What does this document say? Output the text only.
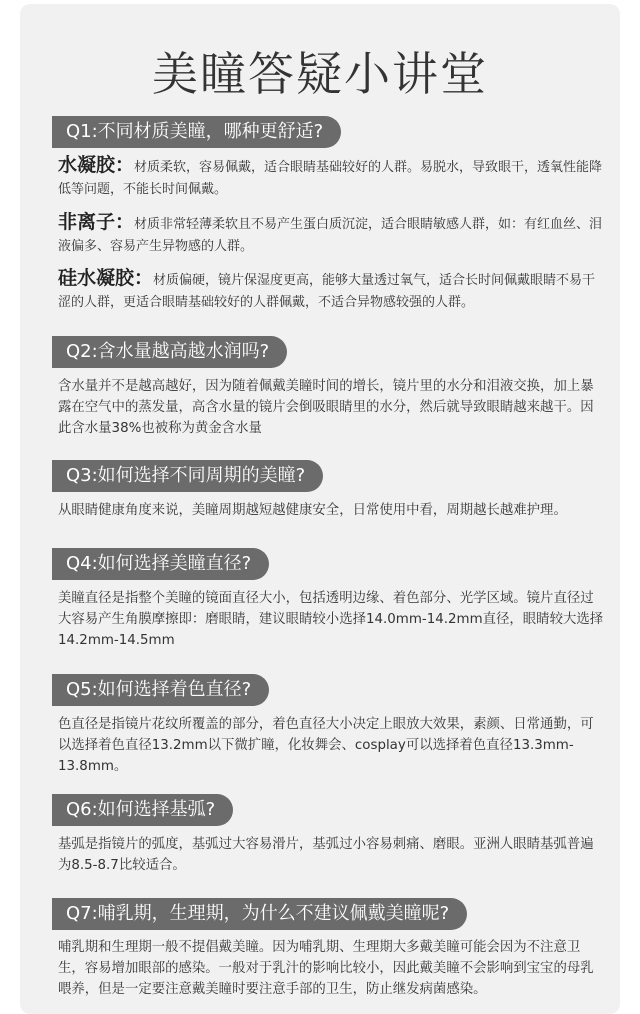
美瞳答疑小讲堂
Q1:不同材质美瞳，哪种更舒适?
水凝胶：材质柔软，容易佩戴，适合眼睛基础较好的人群。易脱水，导致眼干，透氧性能降低等问题，不能长时间佩戴。
非离子：材质非常轻薄柔软且不易产生蛋白质沉淀，适合眼睛敏感人群，如：有红血丝、泪液偏多、容易产生异物感的人群。
硅水凝胶：材质偏硬，镜片保湿度更高，能够大量透过氧气，适合长时间佩戴眼睛不易干涩的人群，更适合眼睛基础较好的人群佩戴，不适合异物感较强的人群。
Q2:含水量越高越水润吗?
含水量并不是越高越好，因为随着佩戴美瞳时间的增长，镜片里的水分和泪液交换，加上暴露在空气中的蒸发量，高含水量的镜片会倒吸眼睛里的水分，然后就导致眼睛越来越干。因此含水量38%也被称为黄金含水量
Q3:如何选择不同周期的美瞳?
从眼睛健康角度来说，美瞳周期越短越健康安全，日常使用中看，周期越长越难护理。
Q4:如何选择美瞳直径?
美瞳直径是指整个美瞳的镜面直径大小，包括透明边缘、着色部分、光学区域。镜片直径过大容易产生角膜摩擦即：磨眼睛，建议眼睛较小选择14.0mm-14.2mm直径，眼睛较大选择14.2mm-14.5mm
Q5:如何选择着色直径?
色直径是指镜片花纹所覆盖的部分，着色直径大小决定上眼放大效果，素颜、日常通勤，可以选择着色直径13.2mm以下微扩瞳，化妆舞会、cosplay可以选择着色直径13.3mm-13.8mm。
Q6:如何选择基弧?
基弧是指镜片的弧度，基弧过大容易滑片，基弧过小容易刺痛、磨眼。亚洲人眼睛基弧普遍为8.5-8.7比较适合。
Q7:哺乳期，生理期，为什么不建议佩戴美瞳呢?
哺乳期和生理期一般不提倡戴美瞳。因为哺乳期、生理期大多戴美瞳可能会因为不注意卫生，容易增加眼部的感染。一般对于乳汁的影响比较小，因此戴美瞳不会影响到宝宝的母乳喂养，但是一定要注意戴美瞳时要注意手部的卫生，防止继发病菌感染。
